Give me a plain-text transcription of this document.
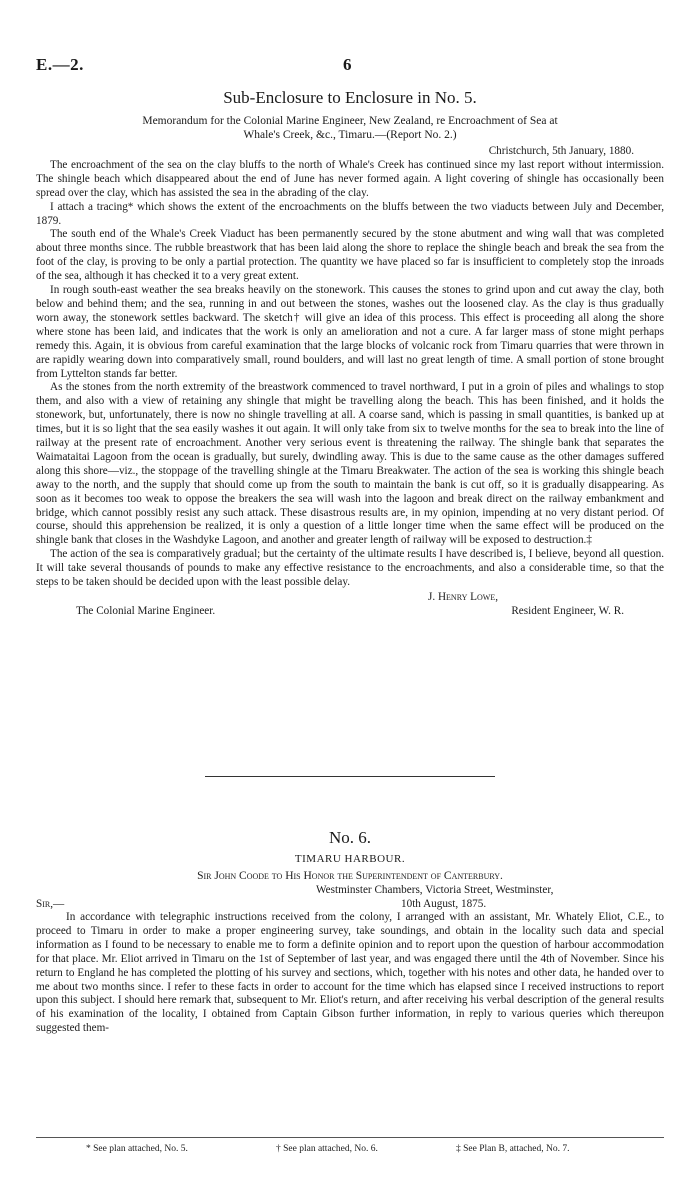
E.—2.	6
Sub-Enclosure to Enclosure in No. 5.
Memorandum for the Colonial Marine Engineer, New Zealand, re Encroachment of Sea at
Whale's Creek, &c., Timaru.—(Report No. 2.)
Christchurch, 5th January, 1880.

The encroachment of the sea on the clay bluffs to the north of Whale's Creek has continued since my last report without intermission. The shingle beach which disappeared about the end of June has never formed again. A light covering of shingle has occasionally been spread over the clay, which has assisted the sea in the abrading of the clay.

I attach a tracing* which shows the extent of the encroachments on the bluffs between the two viaducts between July and December, 1879.

The south end of the Whale's Creek Viaduct has been permanently secured by the stone abutment and wing wall that was completed about three months since. The rubble breastwork that has been laid along the shore to replace the shingle beach and break the sea from the foot of the clay, is proving to be only a partial protection. The quantity we have placed so far is insufficient to completely stop the inroads of the sea, although it has checked it to a very great extent.

In rough south-east weather the sea breaks heavily on the stonework. This causes the stones to grind upon and cut away the clay, both below and behind them; and the sea, running in and out between the stones, washes out the loosened clay. As the clay is thus gradually worn away, the stonework settles backward. The sketch† will give an idea of this process. This effect is proceeding all along the shore where stone has been laid, and indicates that the work is only an amelioration and not a cure. A far larger mass of stone might perhaps remedy this. Again, it is obvious from careful examination that the large blocks of volcanic rock from Timaru quarries that were thrown in are rapidly wearing down into comparatively small, round boulders, and will last no great length of time. A small portion of stone brought from Lyttelton stands far better.

As the stones from the north extremity of the breastwork commenced to travel northward, I put in a groin of piles and whalings to stop them, and also with a view of retaining any shingle that might be travelling along the beach. This has been finished, and it holds the stonework, but, unfortunately, there is now no shingle travelling at all. A coarse sand, which is passing in small quantities, is banked up at times, but it is so light that the sea easily washes it out again. It will only take from six to twelve months for the sea to break into the line of railway at the present rate of encroachment. Another very serious event is threatening the railway. The shingle bank that separates the Waimataitai Lagoon from the ocean is gradually, but surely, dwindling away. This is due to the same cause as the other damages suffered along this shore—viz., the stoppage of the travelling shingle at the Timaru Breakwater. The action of the sea is working this shingle beach away to the north, and the supply that should come up from the south to maintain the bank is cut off, so it is gradually disappearing. As soon as it becomes too weak to oppose the breakers the sea will wash into the lagoon and break direct on the railway embankment and bridge, which cannot possibly resist any such attack. These disastrous results are, in my opinion, impending at no very distant period. Of course, should this apprehension be realized, it is only a question of a little longer time when the same effect will be produced on the shingle bank that closes in the Washdyke Lagoon, and another and greater length of railway will be exposed to destruction.‡

The action of the sea is comparatively gradual; but the certainty of the ultimate results I have described is, I believe, beyond all question. It will take several thousands of pounds to make any effective resistance to the encroachments, and also a considerable time, so that the steps to be taken should be decided upon with the least possible delay.

J. Henry Lowe,
The Colonial Marine Engineer.	Resident Engineer, W. R.
No. 6.
TIMARU HARBOUR.
Sir John Coode to His Honor the Superintendent of Canterbury.
Sir,—
Westminster Chambers, Victoria Street, Westminster,
10th August, 1875.

In accordance with telegraphic instructions received from the colony, I arranged with an assistant, Mr. Whately Eliot, C.E., to proceed to Timaru in order to make a proper engineering survey, take soundings, and obtain in the locality such data and special information as I found to be necessary to enable me to form a definite opinion and to report upon the question of harbour accommodation for that place. Mr. Eliot arrived in Timaru on the 1st of September of last year, and was engaged there until the 4th of November. Since his return to England he has completed the plotting of his survey and sections, which, together with his notes and other data, he handed over to me about two months since. I refer to these facts in order to account for the time which has elapsed since I received instructions to report upon this subject. I should here remark that, subsequent to Mr. Eliot's return, and after receiving his verbal description of the general results of his examination of the locality, I obtained from Captain Gibson further information, in reply to various queries which thereupon suggested them-

* See plan attached, No. 5.	† See plan attached, No. 6.	‡ See Plan B, attached, No. 7.
